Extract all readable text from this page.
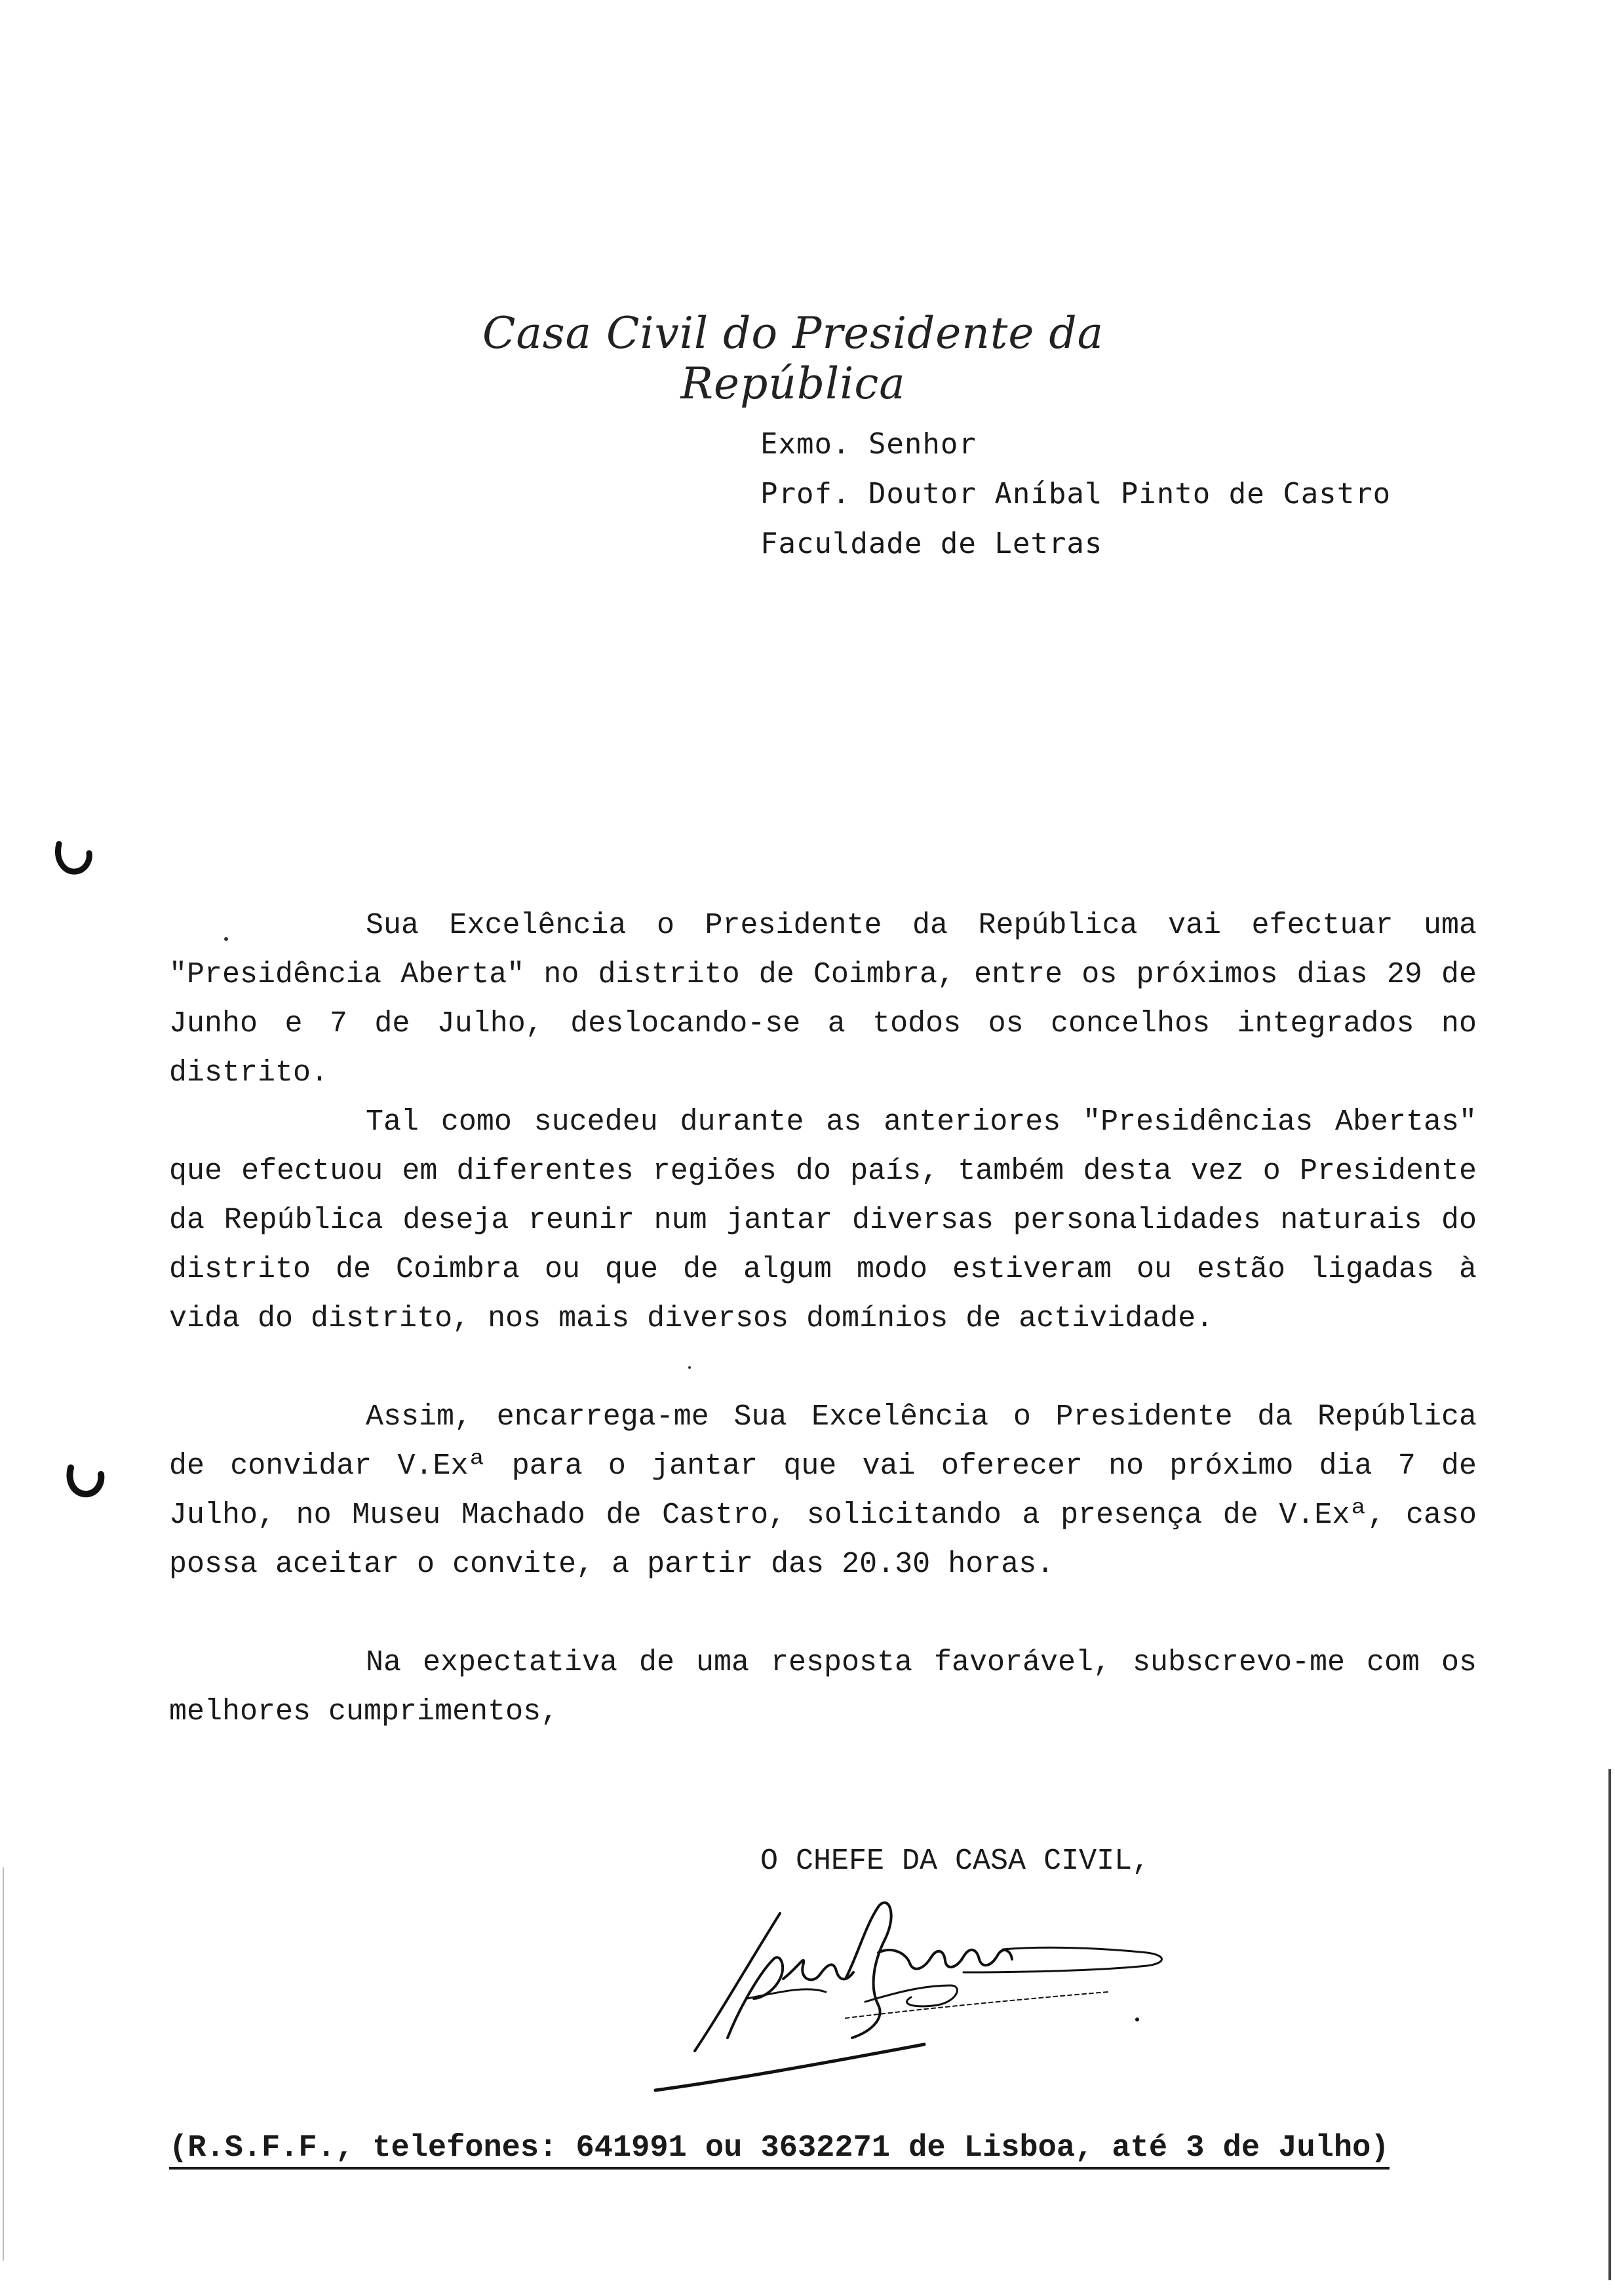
Casa Civil do Presidente da República
Exmo. Senhor
Prof. Doutor Aníbal Pinto de Castro
Faculdade de Letras
Sua Excelência o Presidente da República vai efectuar uma "Presidência Aberta" no distrito de Coimbra, entre os próximos dias 29 de Junho e 7 de Julho, deslocando-se a todos os concelhos integrados no distrito.
Tal como sucedeu durante as anteriores "Presidências Abertas" que efectuou em diferentes regiões do país, também desta vez o Presidente da República deseja reunir num jantar diversas personalidades naturais do distrito de Coimbra ou que de algum modo estiveram ou estão ligadas à vida do distrito, nos mais diversos domínios de actividade.
Assim, encarrega-me Sua Excelência o Presidente da República de convidar V.Exª para o jantar que vai oferecer no próximo dia 7 de Julho, no Museu Machado de Castro, solicitando a presença de V.Exª, caso possa aceitar o convite, a partir das 20.30 horas.
Na expectativa de uma resposta favorável, subscrevo-me com os melhores cumprimentos,
O CHEFE DA CASA CIVIL,
(R.S.F.F., telefones: 641991 ou 3632271 de Lisboa, até 3 de Julho)
